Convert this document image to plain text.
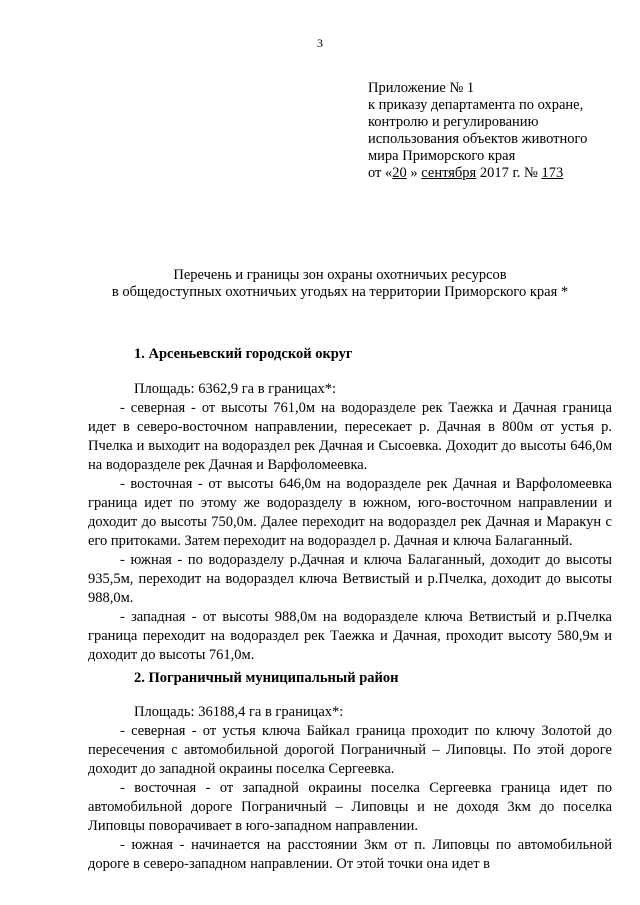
3
Приложение № 1
к приказу департамента по охране,
контролю и регулированию
использования объектов животного
мира Приморского края
от «20 » сентября 2017 г. № 173
Перечень и границы зон охраны охотничьих ресурсов
в общедоступных охотничьих угодьях на территории Приморского края *
1. Арсеньевский городской округ
Площадь: 6362,9 га в границах*:

- северная - от высоты 761,0м на водоразделе рек Таежка и Дачная граница идет в северо-восточном направлении, пересекает р. Дачная в 800м от устья р. Пчелка и выходит на водораздел рек Дачная и Сысоевка. Доходит до высоты 646,0м на водоразделе рек Дачная и Варфоломеевка.

- восточная - от высоты 646,0м на водоразделе рек Дачная и Варфоломеевка граница идет по этому же водоразделу в южном, юго-восточном направлении и доходит до высоты 750,0м. Далее переходит на водораздел рек Дачная и Маракун с его притоками. Затем переходит на водораздел р. Дачная и ключа Балаганный.

- южная - по водоразделу р.Дачная и ключа Балаганный, доходит до высоты 935,5м, переходит на водораздел ключа Ветвистый и р.Пчелка, доходит до высоты 988,0м.

- западная - от высоты 988,0м на водоразделе ключа Ветвистый и р.Пчелка граница переходит на водораздел рек Таежка и Дачная, проходит высоту 580,9м и доходит до высоты 761,0м.

2. Пограничный муниципальный район
Площадь: 36188,4 га в границах*:

- северная - от устья ключа Байкал граница проходит по ключу Золотой до пересечения с автомобильной дорогой Пограничный – Липовцы. По этой дороге доходит до западной окраины поселка Сергеевка.

- восточная - от западной окраины поселка Сергеевка граница идет по автомобильной дороге Пограничный – Липовцы и не доходя 3км до поселка Липовцы поворачивает в юго-западном направлении.

- южная - начинается на расстоянии 3км от п. Липовцы по автомобильной дороге в северо-западном направлении. От этой точки она идет в
